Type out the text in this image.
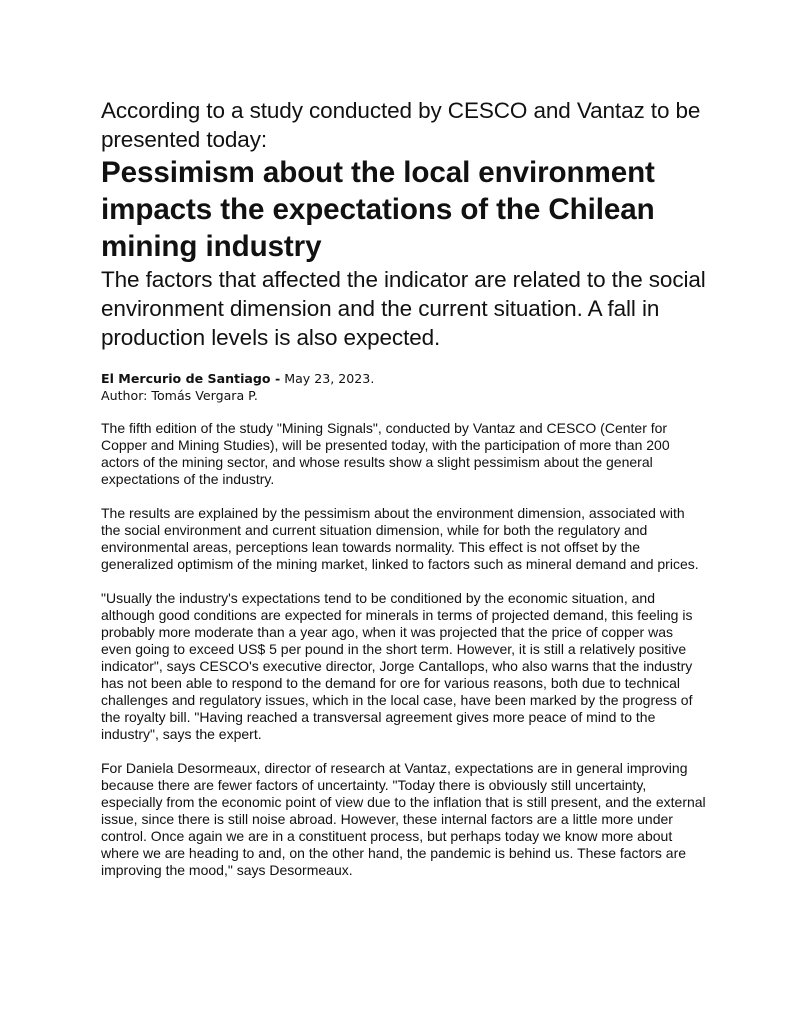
According to a study conducted by CESCO and Vantaz to be presented today:

Pessimism about the local environment impacts the expectations of the Chilean mining industry

The factors that affected the indicator are related to the social environment dimension and the current situation. A fall in production levels is also expected.

El Mercurio de Santiago - May 23, 2023.
Author: Tomás Vergara P.

The fifth edition of the study "Mining Signals", conducted by Vantaz and CESCO (Center for Copper and Mining Studies), will be presented today, with the participation of more than 200 actors of the mining sector, and whose results show a slight pessimism about the general expectations of the industry.

The results are explained by the pessimism about the environment dimension, associated with the social environment and current situation dimension, while for both the regulatory and environmental areas, perceptions lean towards normality. This effect is not offset by the generalized optimism of the mining market, linked to factors such as mineral demand and prices.

"Usually the industry's expectations tend to be conditioned by the economic situation, and although good conditions are expected for minerals in terms of projected demand, this feeling is probably more moderate than a year ago, when it was projected that the price of copper was even going to exceed US$ 5 per pound in the short term. However, it is still a relatively positive indicator", says CESCO's executive director, Jorge Cantallops, who also warns that the industry has not been able to respond to the demand for ore for various reasons, both due to technical challenges and regulatory issues, which in the local case, have been marked by the progress of the royalty bill. "Having reached a transversal agreement gives more peace of mind to the industry", says the expert.

For Daniela Desormeaux, director of research at Vantaz, expectations are in general improving because there are fewer factors of uncertainty. "Today there is obviously still uncertainty, especially from the economic point of view due to the inflation that is still present, and the external issue, since there is still noise abroad. However, these internal factors are a little more under control. Once again we are in a constituent process, but perhaps today we know more about where we are heading to and, on the other hand, the pandemic is behind us. These factors are improving the mood," says Desormeaux.
